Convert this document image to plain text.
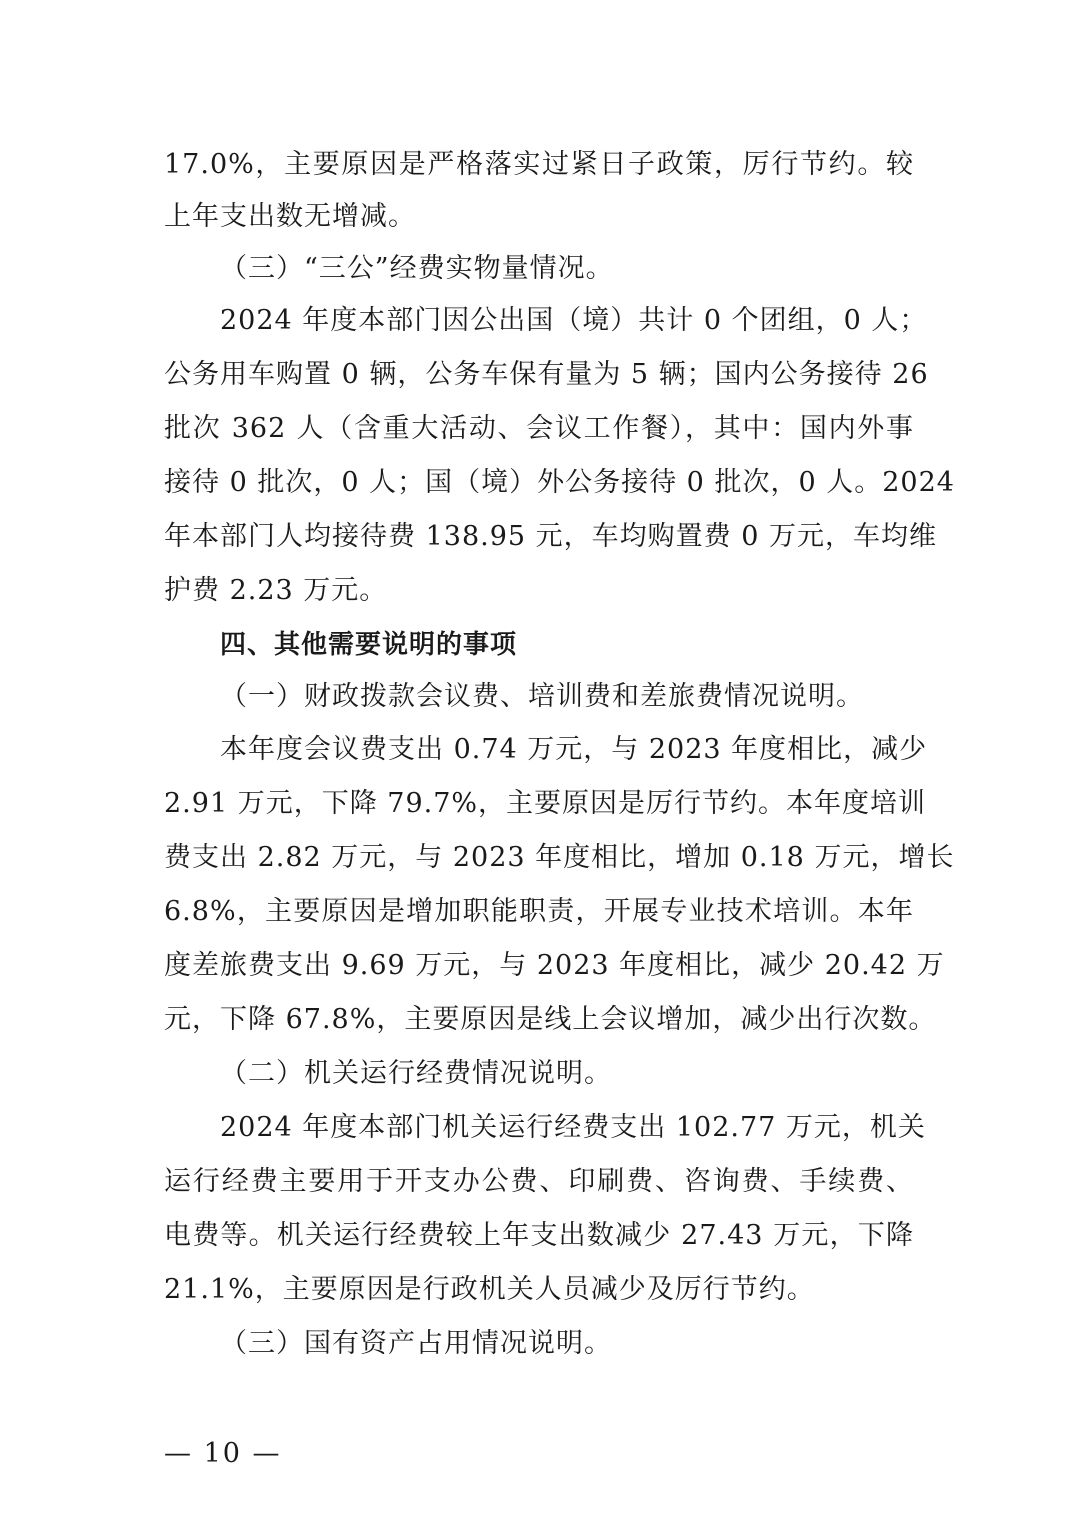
17.0%，主要原因是严格落实过紧日子政策，厉行节约。较
上年支出数无增减。
（三）“三公”经费实物量情况。
2024 年度本部门因公出国（境）共计 0 个团组，0 人；
公务用车购置 0 辆，公务车保有量为 5 辆；国内公务接待 26
批次 362 人（含重大活动、会议工作餐），其中：国内外事
接待 0 批次，0 人；国（境）外公务接待 0 批次，0 人。2024
年本部门人均接待费 138.95 元，车均购置费 0 万元，车均维
护费 2.23 万元。
四、其他需要说明的事项
（一）财政拨款会议费、培训费和差旅费情况说明。
本年度会议费支出 0.74 万元，与 2023 年度相比，减少
2.91 万元，下降 79.7%，主要原因是厉行节约。本年度培训
费支出 2.82 万元，与 2023 年度相比，增加 0.18 万元，增长
6.8%，主要原因是增加职能职责，开展专业技术培训。本年
度差旅费支出 9.69 万元，与 2023 年度相比，减少 20.42 万
元，下降 67.8%，主要原因是线上会议增加，减少出行次数。
（二）机关运行经费情况说明。
2024 年度本部门机关运行经费支出 102.77 万元，机关
运行经费主要用于开支办公费、印刷费、咨询费、手续费、
电费等。机关运行经费较上年支出数减少 27.43 万元，下降
21.1%，主要原因是行政机关人员减少及厉行节约。
（三）国有资产占用情况说明。
— 10 —
